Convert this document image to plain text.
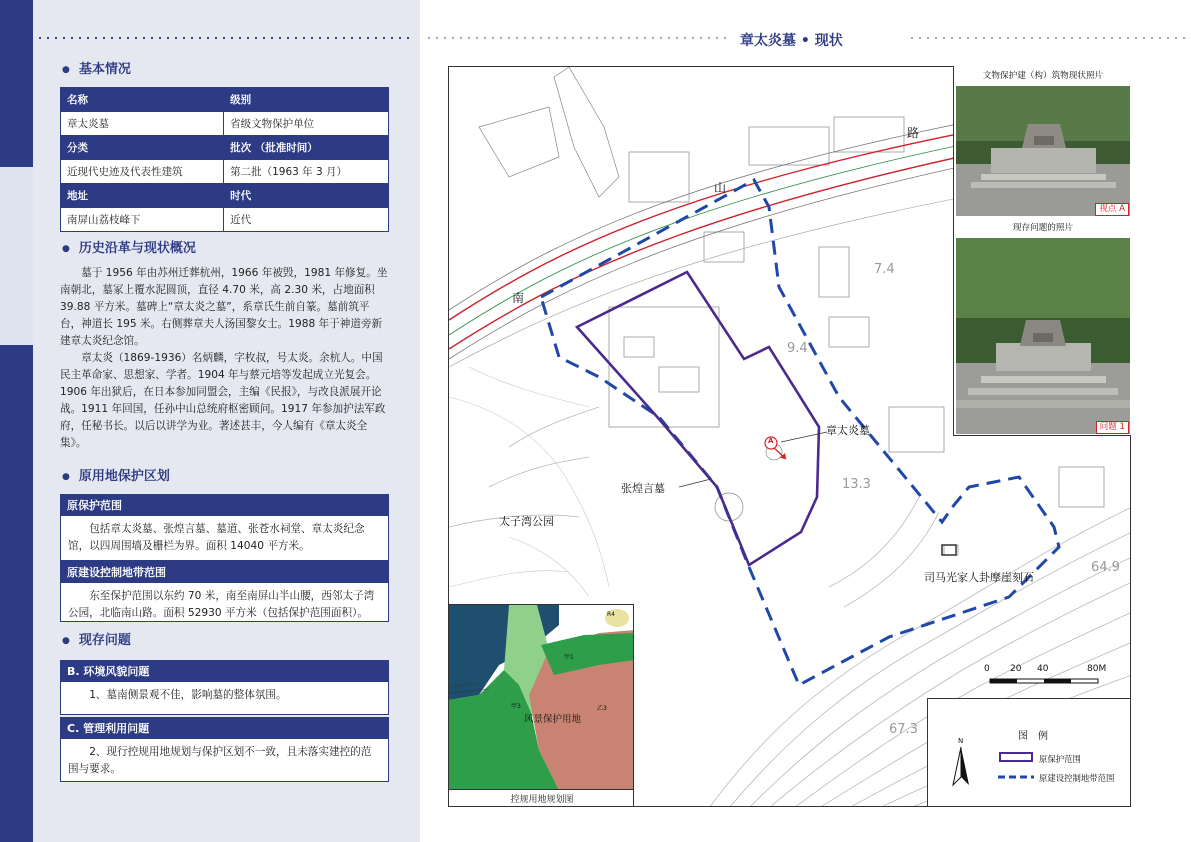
● 基本情况
名称	级别
章太炎墓	省级文物保护单位
分类	批次 （批准时间）
近现代史迹及代表性建筑	第二批（1963 年 3 月）
地址	时代
南屏山荔枝峰下	近代
● 历史沿革与现状概况

墓于 1956 年由苏州迁葬杭州，1966 年被毁，1981 年修复。坐南朝北，墓冢上覆水泥圆顶，直径 4.70 米，高 2.30 米，占地面积 39.88 平方米。墓碑上“章太炎之墓”，系章氏生前自篆。墓前筑平台，神道长 195 米。右侧葬章夫人汤国黎女士。1988 年于神道旁新建章太炎纪念馆。

章太炎（1869-1936）名炳麟，字枚叔，号太炎。余杭人。中国民主革命家、思想家、学者。1904 年与蔡元培等发起成立光复会。1906 年出狱后，在日本参加同盟会，主编《民报》，与改良派展开论战。1911 年回国，任孙中山总统府枢密顾问。1917 年参加护法军政府，任秘书长。以后以讲学为业。著述甚丰，今人编有《章太炎全集》。

● 原用地保护区划
原保护范围
包括章太炎墓、张煌言墓、墓道、张苍水祠堂、章太炎纪念馆，以四周围墙及栅栏为界。面积 14040 平方米。
原建设控制地带范围
东至保护范围以东约 70 米，南至南屏山半山腰，西邻太子湾公园，北临南山路。面积 52930 平方米（包括保护范围面积）。
● 现存问题
B. 环境风貌问题
1、墓南侧景观不佳，影响墓的整体氛围。
C. 管理利用问题
2、现行控规用地规划与保护区划不一致，且未落实建控的范围与要求。
章太炎墓 • 现状
南
山
路
章太炎墓
张煌言墓
太子湾公园
司马光家人卦摩崖刻石
A
7.4
9.4
13.3
64.9
67.3
0 20 40	80M
文物保护建（构）筑物现状照片
视点 A
现存问题的照片
问题 1
风景保护用地
R4
甲1
甲3	乙3
控规用地规划图
图　例
N
原保护范围
原建设控制地带范围
